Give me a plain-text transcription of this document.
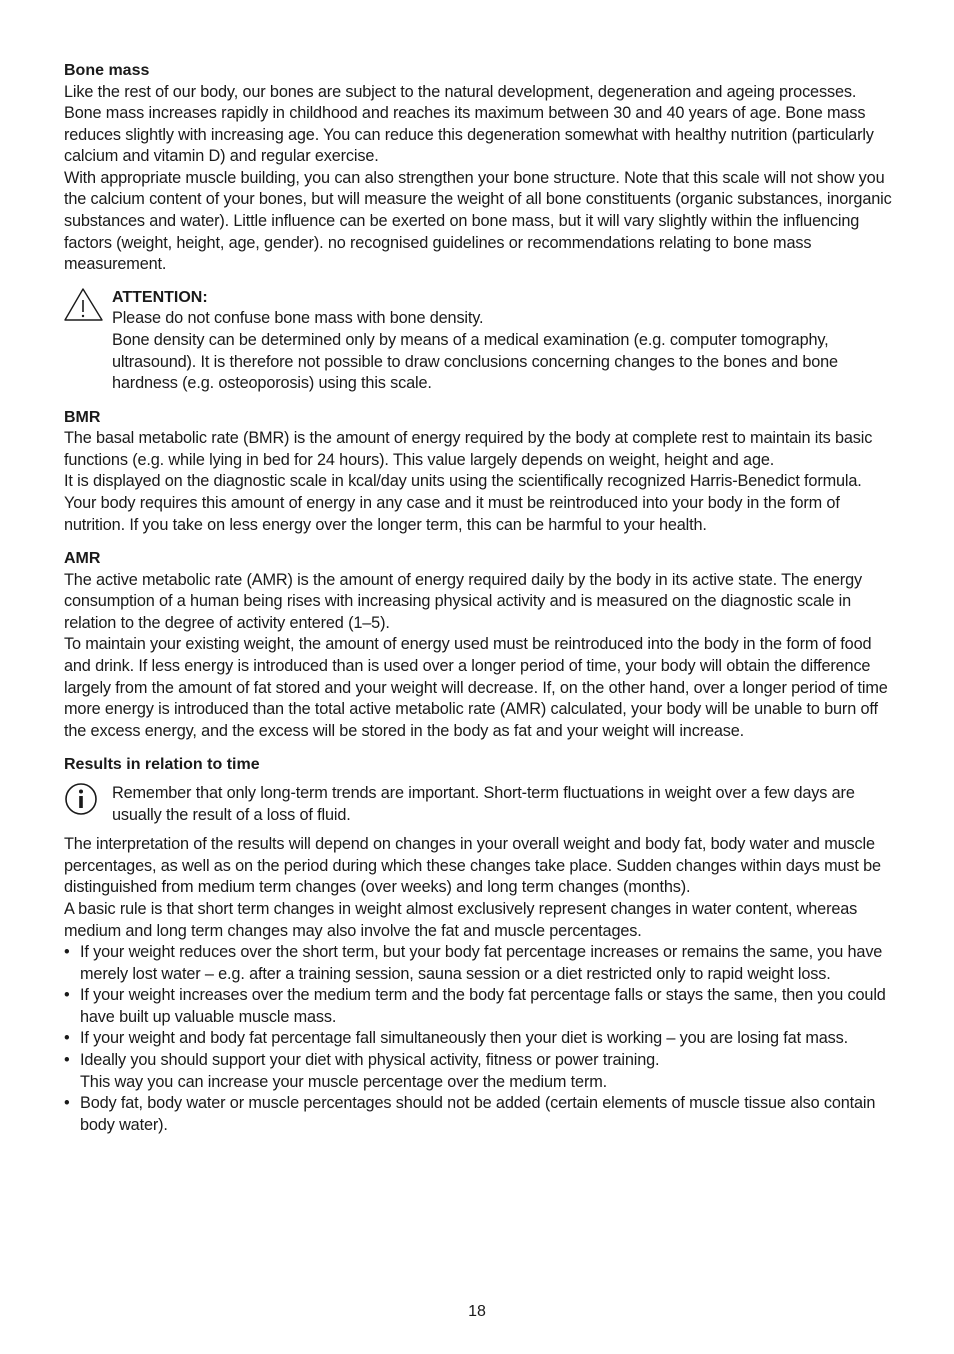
Bone mass

Like the rest of our body, our bones are subject to the natural development, degeneration and ageing processes. Bone mass increases rapidly in childhood and reaches its maximum between 30 and 40 years of age. Bone mass reduces slightly with increasing age. You can reduce this degeneration somewhat with healthy nutrition (particularly calcium and vitamin D) and regular exercise.

With appropriate muscle building, you can also strengthen your bone structure. Note that this scale will not show you the calcium content of your bones, but will measure the weight of all bone constituents (organic substances, inorganic substances and water). Little influence can be exerted on bone mass, but it will vary slightly within the influencing factors (weight, height, age, gender). no recognised guidelines or recommendations relating to bone mass measurement.

ATTENTION:

Please do not confuse bone mass with bone density.

Bone density can be determined only by means of a medical examination (e.g. computer tomography, ultrasound). It is therefore not possible to draw conclusions concerning changes to the bones and bone hardness (e.g. osteoporosis) using this scale.

BMR

The basal metabolic rate (BMR) is the amount of energy required by the body at complete rest to maintain its basic functions (e.g. while lying in bed for 24 hours). This value largely depends on weight, height and age.

It is displayed on the diagnostic scale in kcal/day units using the scientifically recognized Harris-Benedict formula.

Your body requires this amount of energy in any case and it must be reintroduced into your body in the form of nutrition. If you take on less energy over the longer term, this can be harmful to your health.

AMR

The active metabolic rate (AMR) is the amount of energy required daily by the body in its active state. The energy consumption of a human being rises with increasing physical activity and is measured on the diagnostic scale in relation to the degree of activity entered (1–5).

To maintain your existing weight, the amount of energy used must be reintroduced into the body in the form of food and drink. If less energy is introduced than is used over a longer period of time, your body will obtain the difference largely from the amount of fat stored and your weight will decrease. If, on the other hand, over a longer period of time more energy is introduced than the total active metabolic rate (AMR) calculated, your body will be unable to burn off the excess energy, and the excess will be stored in the body as fat and your weight will increase.

Results in relation to time

Remember that only long-term trends are important. Short-term fluctuations in weight over a few days are usually the result of a loss of fluid.

The interpretation of the results will depend on changes in your overall weight and body fat, body water and muscle percentages, as well as on the period during which these changes take place. Sudden changes within days must be distinguished from medium term changes (over weeks) and long term changes (months).

A basic rule is that short term changes in weight almost exclusively represent changes in water content, whereas medium and long term changes may also involve the fat and muscle percentages.

• If your weight reduces over the short term, but your body fat percentage increases or remains the same, you have merely lost water – e.g. after a training session, sauna session or a diet restricted only to rapid weight loss.
• If your weight increases over the medium term and the body fat percentage falls or stays the same, then you could have built up valuable muscle mass.
• If your weight and body fat percentage fall simultaneously then your diet is working – you are losing fat mass.
• Ideally you should support your diet with physical activity, fitness or power training.
This way you can increase your muscle percentage over the medium term.
• Body fat, body water or muscle percentages should not be added (certain elements of muscle tissue also contain body water).
18
